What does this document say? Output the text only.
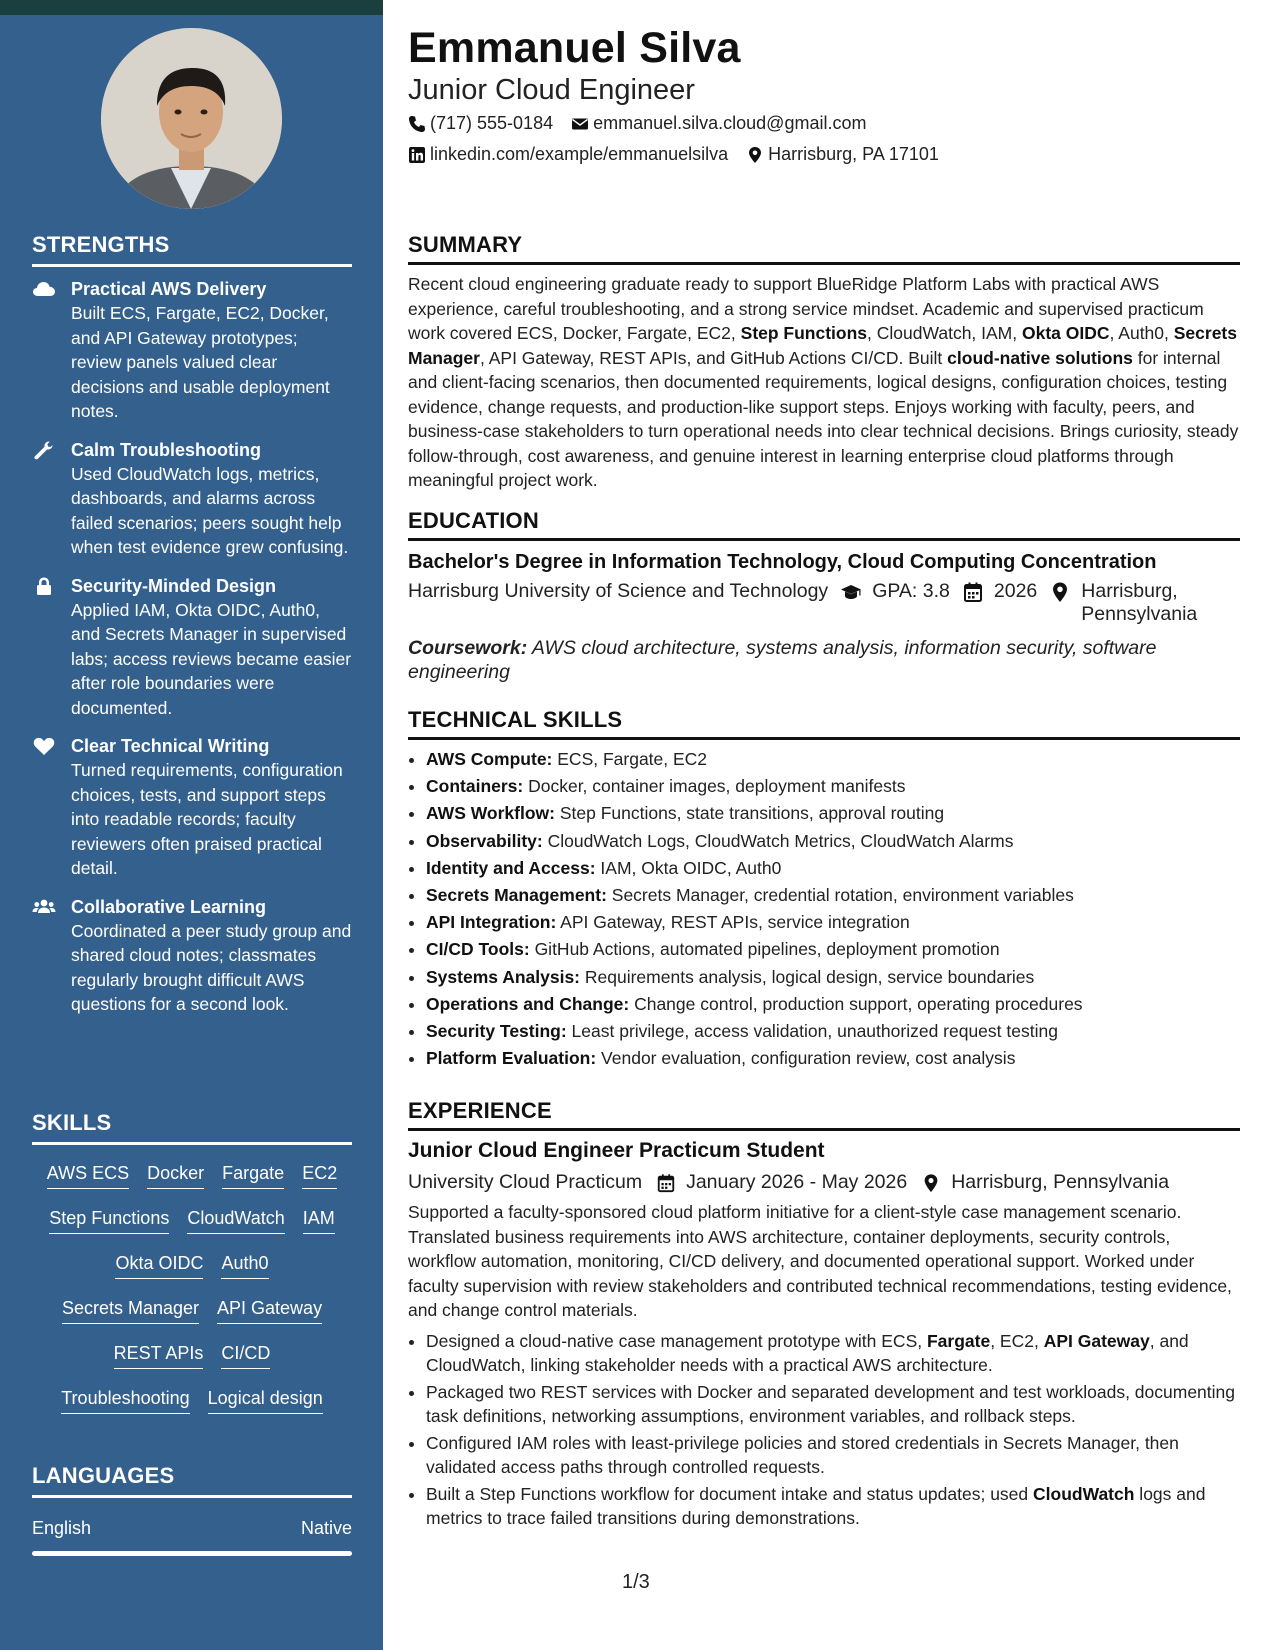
STRENGTHS
Practical AWS Delivery
Built ECS, Fargate, EC2, Docker, and API Gateway prototypes; review panels valued clear decisions and usable deployment notes.
Calm Troubleshooting
Used CloudWatch logs, metrics, dashboards, and alarms across failed scenarios; peers sought help when test evidence grew confusing.
Security-Minded Design
Applied IAM, Okta OIDC, Auth0, and Secrets Manager in supervised labs; access reviews became easier after role boundaries were documented.
Clear Technical Writing
Turned requirements, configuration choices, tests, and support steps into readable records; faculty reviewers often praised practical detail.
Collaborative Learning
Coordinated a peer study group and shared cloud notes; classmates regularly brought difficult AWS questions for a second look.
SKILLS
AWS ECS Docker Fargate EC2
Step Functions CloudWatch IAM
Okta OIDC Auth0
Secrets Manager API Gateway
REST APIs CI/CD
Troubleshooting Logical design
LANGUAGES
English	Native
Emmanuel Silva
Junior Cloud Engineer
(717) 555-0184 emmanuel.silva.cloud@gmail.com
linkedin.com/example/emmanuelsilva Harrisburg, PA 17101
SUMMARY
Recent cloud engineering graduate ready to support BlueRidge Platform Labs with practical AWS experience, careful troubleshooting, and a strong service mindset. Academic and supervised practicum work covered ECS, Docker, Fargate, EC2, Step Functions, CloudWatch, IAM, Okta OIDC, Auth0, Secrets Manager, API Gateway, REST APIs, and GitHub Actions CI/CD. Built cloud-native solutions for internal and client-facing scenarios, then documented requirements, logical designs, configuration choices, testing evidence, change requests, and production-like support steps. Enjoys working with faculty, peers, and business-case stakeholders to turn operational needs into clear technical decisions. Brings curiosity, steady follow-through, cost awareness, and genuine interest in learning enterprise cloud platforms through meaningful project work.
EDUCATION
Bachelor's Degree in Information Technology, Cloud Computing Concentration
Harrisburg University of Science and Technology GPA: 3.8 2026 Harrisburg,
Pennsylvania
Coursework: AWS cloud architecture, systems analysis, information security, software engineering
TECHNICAL SKILLS
• AWS Compute: ECS, Fargate, EC2
• Containers: Docker, container images, deployment manifests
• AWS Workflow: Step Functions, state transitions, approval routing
• Observability: CloudWatch Logs, CloudWatch Metrics, CloudWatch Alarms
• Identity and Access: IAM, Okta OIDC, Auth0
• Secrets Management: Secrets Manager, credential rotation, environment variables
• API Integration: API Gateway, REST APIs, service integration
• CI/CD Tools: GitHub Actions, automated pipelines, deployment promotion
• Systems Analysis: Requirements analysis, logical design, service boundaries
• Operations and Change: Change control, production support, operating procedures
• Security Testing: Least privilege, access validation, unauthorized request testing
• Platform Evaluation: Vendor evaluation, configuration review, cost analysis
EXPERIENCE
Junior Cloud Engineer Practicum Student
University Cloud Practicum January 2026 - May 2026 Harrisburg, Pennsylvania
Supported a faculty-sponsored cloud platform initiative for a client-style case management scenario. Translated business requirements into AWS architecture, container deployments, security controls, workflow automation, monitoring, CI/CD delivery, and documented operational support. Worked under faculty supervision with review stakeholders and contributed technical recommendations, testing evidence, and change control materials.
• Designed a cloud-native case management prototype with ECS, Fargate, EC2, API Gateway, and CloudWatch, linking stakeholder needs with a practical AWS architecture.
• Packaged two REST services with Docker and separated development and test workloads, documenting task definitions, networking assumptions, environment variables, and rollback steps.
• Configured IAM roles with least-privilege policies and stored credentials in Secrets Manager, then validated access paths through controlled requests.
• Built a Step Functions workflow for document intake and status updates; used CloudWatch logs and metrics to trace failed transitions during demonstrations.
1/3
